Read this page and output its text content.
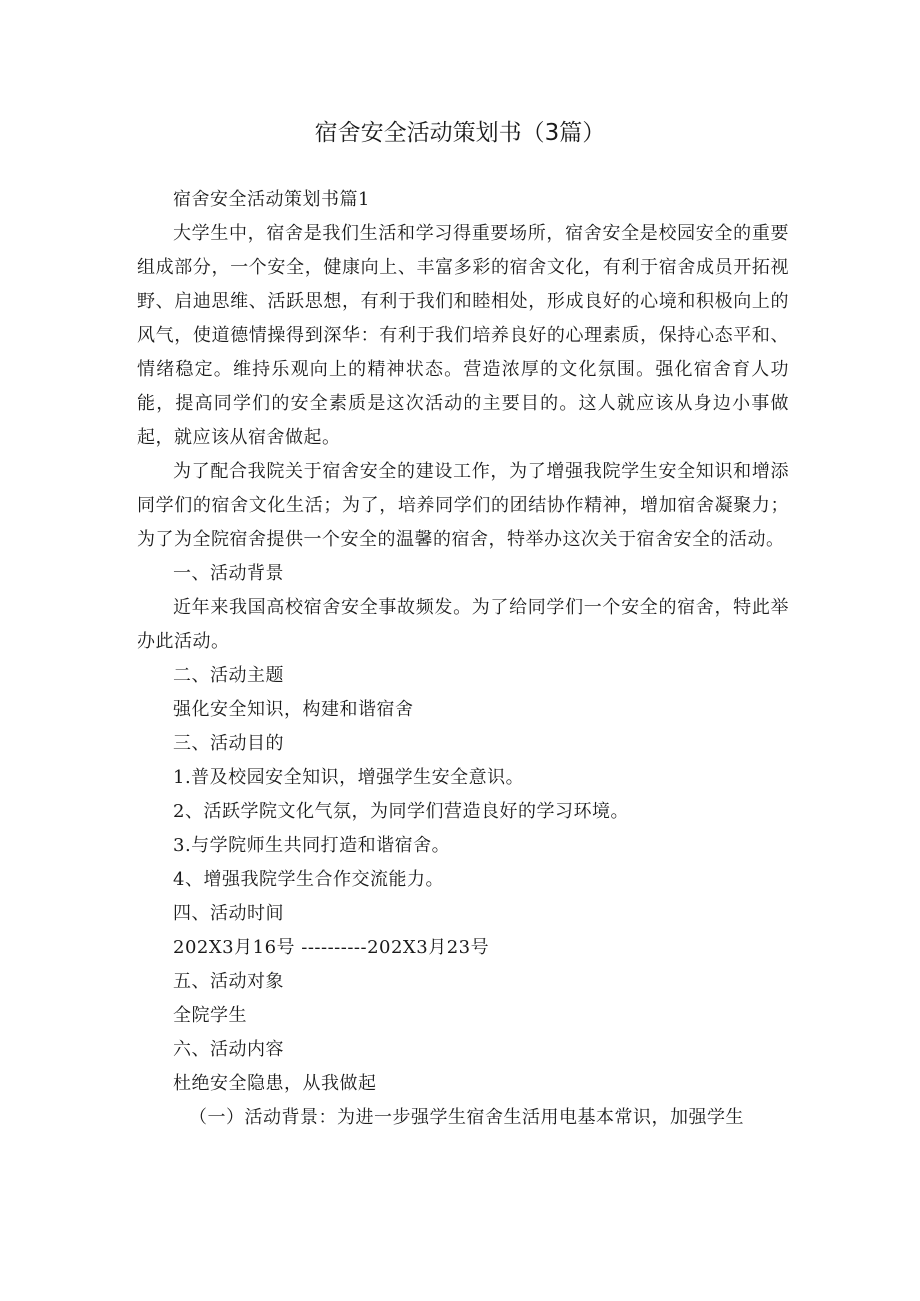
宿舍安全活动策划书（3篇）

宿舍安全活动策划书篇1

大学生中，宿舍是我们生活和学习得重要场所，宿舍安全是校园安全的重要组成部分，一个安全，健康向上、丰富多彩的宿舍文化，有利于宿舍成员开拓视野、启迪思维、活跃思想，有利于我们和睦相处，形成良好的心境和积极向上的风气，使道德情操得到深华：有利于我们培养良好的心理素质，保持心态平和、情绪稳定。维持乐观向上的精神状态。营造浓厚的文化氛围。强化宿舍育人功能，提高同学们的安全素质是这次活动的主要目的。这人就应该从身边小事做起，就应该从宿舍做起。

为了配合我院关于宿舍安全的建设工作，为了增强我院学生安全知识和增添同学们的宿舍文化生活；为了，培养同学们的团结协作精神，增加宿舍凝聚力；为了为全院宿舍提供一个安全的温馨的宿舍，特举办这次关于宿舍安全的活动。

一、活动背景

近年来我国高校宿舍安全事故频发。为了给同学们一个安全的宿舍，特此举办此活动。

二、活动主题

强化安全知识，构建和谐宿舍

三、活动目的

1.普及校园安全知识，增强学生安全意识。

2、活跃学院文化气氛，为同学们营造良好的学习环境。

3.与学院师生共同打造和谐宿舍。

4、增强我院学生合作交流能力。

四、活动时间

202X3月16号 ----------202X3月23号

五、活动对象

全院学生

六、活动内容

杜绝安全隐患，从我做起

（一）活动背景：为进一步强学生宿舍生活用电基本常识，加强学生
